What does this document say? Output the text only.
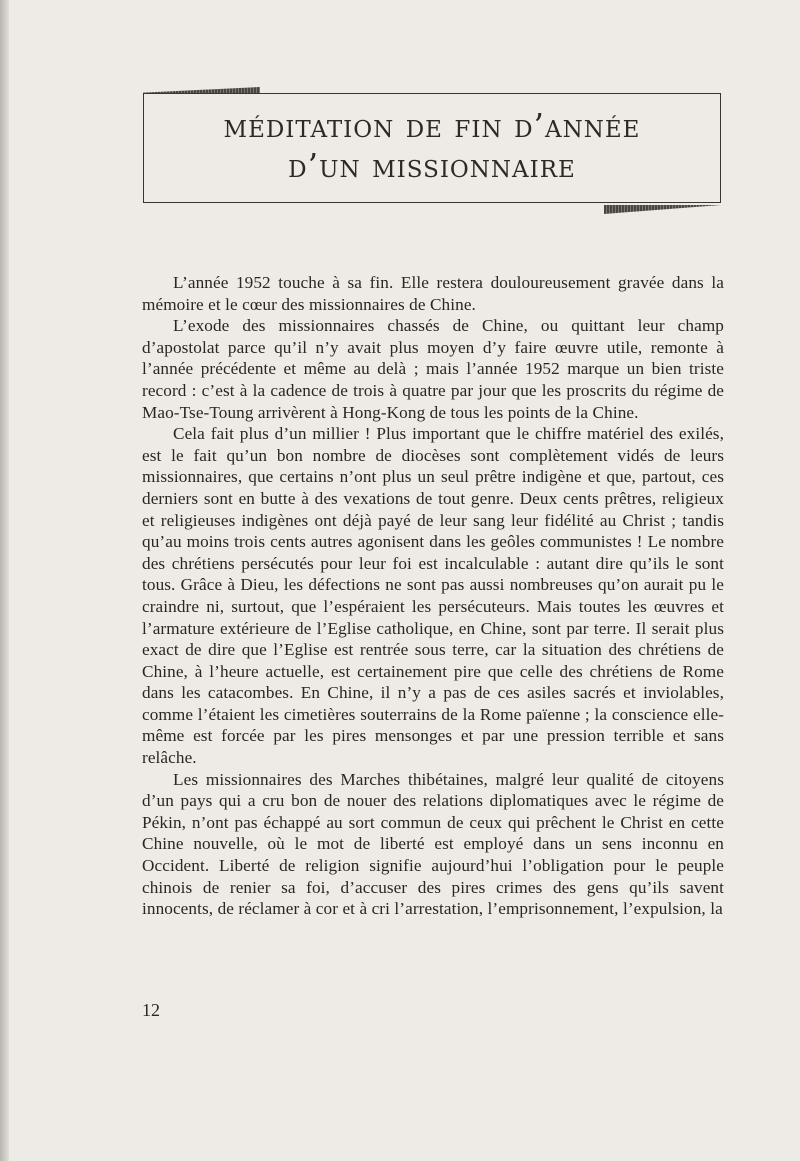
méditation de fin d’année
d’un missionnaire

L’année 1952 touche à sa fin. Elle restera douloureusement gravée dans la mémoire et le cœur des missionnaires de Chine.

L’exode des missionnaires chassés de Chine, ou quittant leur champ d’apostolat parce qu’il n’y avait plus moyen d’y faire œuvre utile, remonte à l’année précédente et même au delà ; mais l’année 1952 marque un bien triste record : c’est à la cadence de trois à quatre par jour que les proscrits du régime de Mao-Tse-Toung arrivèrent à Hong-Kong de tous les points de la Chine.

Cela fait plus d’un millier ! Plus important que le chiffre matériel des exilés, est le fait qu’un bon nombre de diocèses sont complètement vidés de leurs missionnaires, que certains n’ont plus un seul prêtre indigène et que, partout, ces derniers sont en butte à des vexations de tout genre. Deux cents prêtres, religieux et religieuses indigènes ont déjà payé de leur sang leur fidélité au Christ ; tandis qu’au moins trois cents autres agonisent dans les geôles communistes ! Le nombre des chrétiens persécutés pour leur foi est incalculable : autant dire qu’ils le sont tous. Grâce à Dieu, les défections ne sont pas aussi nombreuses qu’on aurait pu le craindre ni, surtout, que l’espéraient les persécuteurs. Mais toutes les œuvres et l’armature extérieure de l’Eglise catholique, en Chine, sont par terre. Il serait plus exact de dire que l’Eglise est rentrée sous terre, car la situation des chrétiens de Chine, à l’heure actuelle, est certainement pire que celle des chrétiens de Rome dans les catacombes. En Chine, il n’y a pas de ces asiles sacrés et inviolables, comme l’étaient les cimetières souterrains de la Rome païenne ; la conscience elle-même est forcée par les pires mensonges et par une pression terrible et sans relâche.

Les missionnaires des Marches thibétaines, malgré leur qualité de citoyens d’un pays qui a cru bon de nouer des relations diplomatiques avec le régime de Pékin, n’ont pas échappé au sort commun de ceux qui prêchent le Christ en cette Chine nouvelle, où le mot de liberté est employé dans un sens inconnu en Occident. Liberté de religion signifie aujourd’hui l’obligation pour le peuple chinois de renier sa foi, d’accuser des pires crimes des gens qu’ils savent innocents, de réclamer à cor et à cri l’arrestation, l’emprisonnement, l’expulsion, la

12
